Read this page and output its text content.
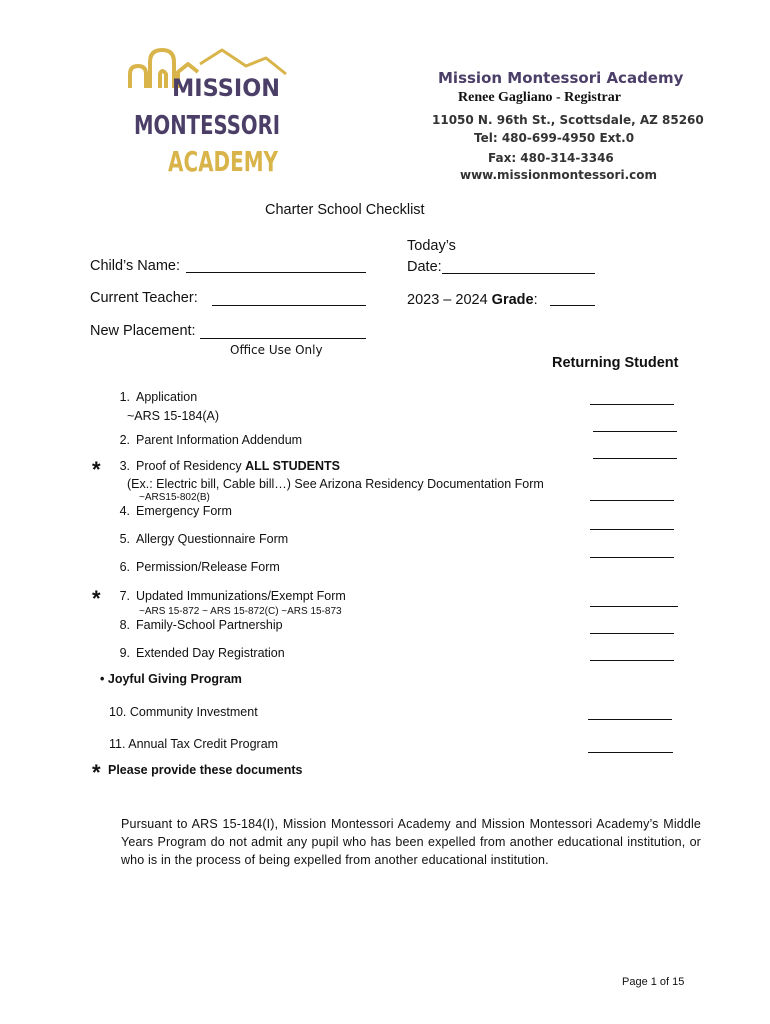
MISSION
MONTESSORI
ACADEMY
Mission Montessori Academy
Renee Gagliano - Registrar
11050 N. 96th St., Scottsdale, AZ 85260
Tel: 480-699-4950 Ext.0
Fax: 480-314-3346
www.missionmontessori.com
Charter School Checklist
Child’s Name:
Today’s
Date:
Current Teacher:	2023 – 2024 Grade:
New Placement:
Office Use Only
Returning Student
1. Application
~ARS 15-184(A)
2. Parent Information Addendum
*	3. Proof of Residency ALL STUDENTS
(Ex.: Electric bill, Cable bill…) See Arizona Residency Documentation Form
~ARS15-802(B)
4. Emergency Form
5. Allergy Questionnaire Form
6. Permission/Release Form
*	7. Updated Immunizations/Exempt Form
~ARS 15-872 ~ ARS 15-872(C) ~ARS 15-873
8. Family-School Partnership
9. Extended Day Registration
• Joyful Giving Program
10. Community Investment
11. Annual Tax Credit Program
* Please provide these documents
Pursuant to ARS 15-184(I), Mission Montessori Academy and Mission Montessori Academy’s Middle Years Program do not admit any pupil who has been expelled from another educational institution, or who is in the process of being expelled from another educational institution.
Page 1 of 15
